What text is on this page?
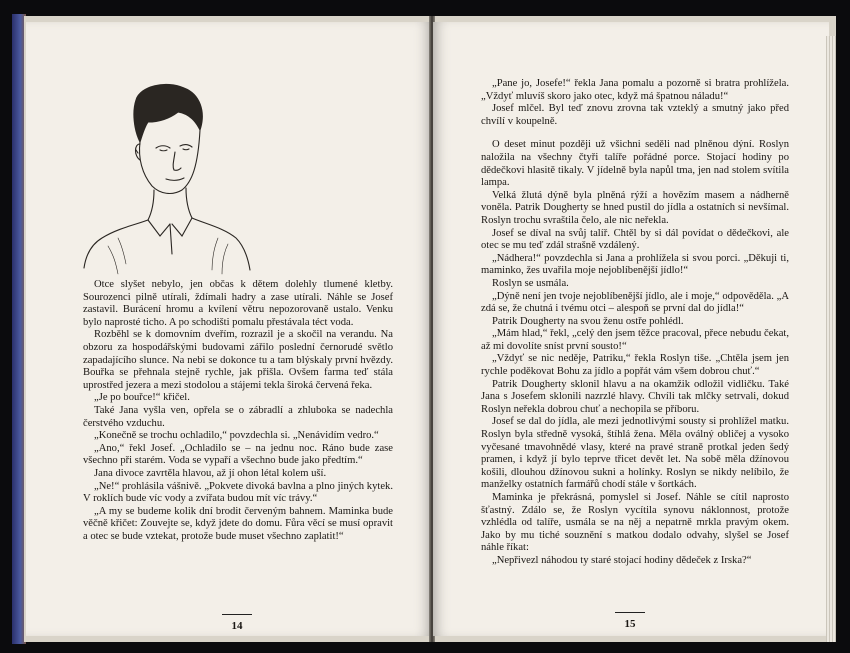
Otce slyšet nebylo, jen občas k dětem dolehly tlumené kletby. Sourozenci pilně utírali, ždímali hadry a zase utírali. Náhle se Josef zastavil. Burácení hromu a kvílení větru nepozorovaně ustalo. Venku bylo naprosté ticho. A po schodišti pomalu přestávala téct voda.

Rozběhl se k domovním dveřím, rozrazil je a skočil na verandu. Na obzoru za hospodářskými budovami zářilo poslední černorudé světlo zapadajícího slunce. Na nebi se dokonce tu a tam blýskaly první hvězdy. Bouřka se přehnala stejně rychle, jak přišla. Ovšem farma teď stála uprostřed jezera a mezi stodolou a stájemi tekla široká červená řeka.

„Je po bouřce!“ křičel.

Také Jana vyšla ven, opřela se o zábradlí a zhluboka se nadechla čerstvého vzduchu.

„Konečně se trochu ochladilo,“ povzdechla si. „Nenávidím vedro.“

„Ano,“ řekl Josef. „Ochladilo se – na jednu noc. Ráno bude zase všechno při starém. Voda se vypaří a všechno bude jako předtím.“

Jana divoce zavrtěla hlavou, až jí ohon létal kolem uší.

„Ne!“ prohlásila vášnivě. „Pokvete divoká bavlna a plno jiných kytek. V roklích bude víc vody a zvířata budou mít víc trávy.“

„A my se budeme kolik dní brodit červeným bahnem. Maminka bude věčně křičet: Zouvejte se, když jdete do domu. Fůra věcí se musí opravit a otec se bude vztekat, protože bude muset všechno zaplatit!“

14

„Pane jo, Josefe!“ řekla Jana pomalu a pozorně si bratra prohlížela. „Vždyť mluvíš skoro jako otec, když má špatnou náladu!“

Josef mlčel. Byl teď znovu zrovna tak vzteklý a smutný jako před chvílí v koupelně.

O deset minut později už všichni seděli nad plněnou dýní. Roslyn naložila na všechny čtyři talíře pořádné porce. Stojací hodiny po dědečkovi hlasitě tikaly. V jídelně byla napůl tma, jen nad stolem svítila lampa.

Velká žlutá dýně byla plněná rýží a hovězím masem a nádherně voněla. Patrik Dougherty se hned pustil do jídla a ostatních si nevšímal. Roslyn trochu svraštila čelo, ale nic neřekla.

Josef se díval na svůj talíř. Chtěl by si dál povídat o dědečkovi, ale otec se mu teď zdál strašně vzdálený.

„Nádhera!“ povzdechla si Jana a prohlížela si svou porci. „Děkuji ti, maminko, žes uvařila moje nejoblíbenější jídlo!“

Roslyn se usmála.

„Dýně není jen tvoje nejoblíbenější jídlo, ale i moje,“ odpověděla. „A zdá se, že chutná i tvému otci – alespoň se první dal do jídla!“

Patrik Dougherty na svou ženu ostře pohlédl.

„Mám hlad,“ řekl, „celý den jsem těžce pracoval, přece nebudu čekat, až mi dovolíte sníst první sousto!“

„Vždyť se nic neděje, Patriku,“ řekla Roslyn tiše. „Chtěla jsem jen rychle poděkovat Bohu za jídlo a popřát vám všem dobrou chuť.“

Patrik Dougherty sklonil hlavu a na okamžik odložil vidličku. Také Jana s Josefem sklonili nazrzlé hlavy. Chvíli tak mlčky setrvali, dokud Roslyn neřekla dobrou chuť a nechopila se příboru.

Josef se dal do jídla, ale mezi jednotlivými sousty si prohlížel matku. Roslyn byla středně vysoká, štíhlá žena. Měla oválný obličej a vysoko vyčesané tmavohnědé vlasy, které na pravé straně protkal jeden šedý pramen, i když jí bylo teprve třicet devět let. Na sobě měla džínovou košili, dlouhou džínovou sukni a holínky. Roslyn se nikdy nelíbilo, že manželky ostatních farmářů chodí stále v šortkách.

Maminka je překrásná, pomyslel si Josef. Náhle se cítil naprosto šťastný. Zdálo se, že Roslyn vycítila synovu náklonnost, protože vzhlédla od talíře, usmála se na něj a nepatrně mrkla pravým okem. Jako by mu tiché souznění s matkou dodalo odvahy, slyšel se Josef náhle říkat:

„Nepřivezl náhodou ty staré stojací hodiny dědeček z Irska?“

15
